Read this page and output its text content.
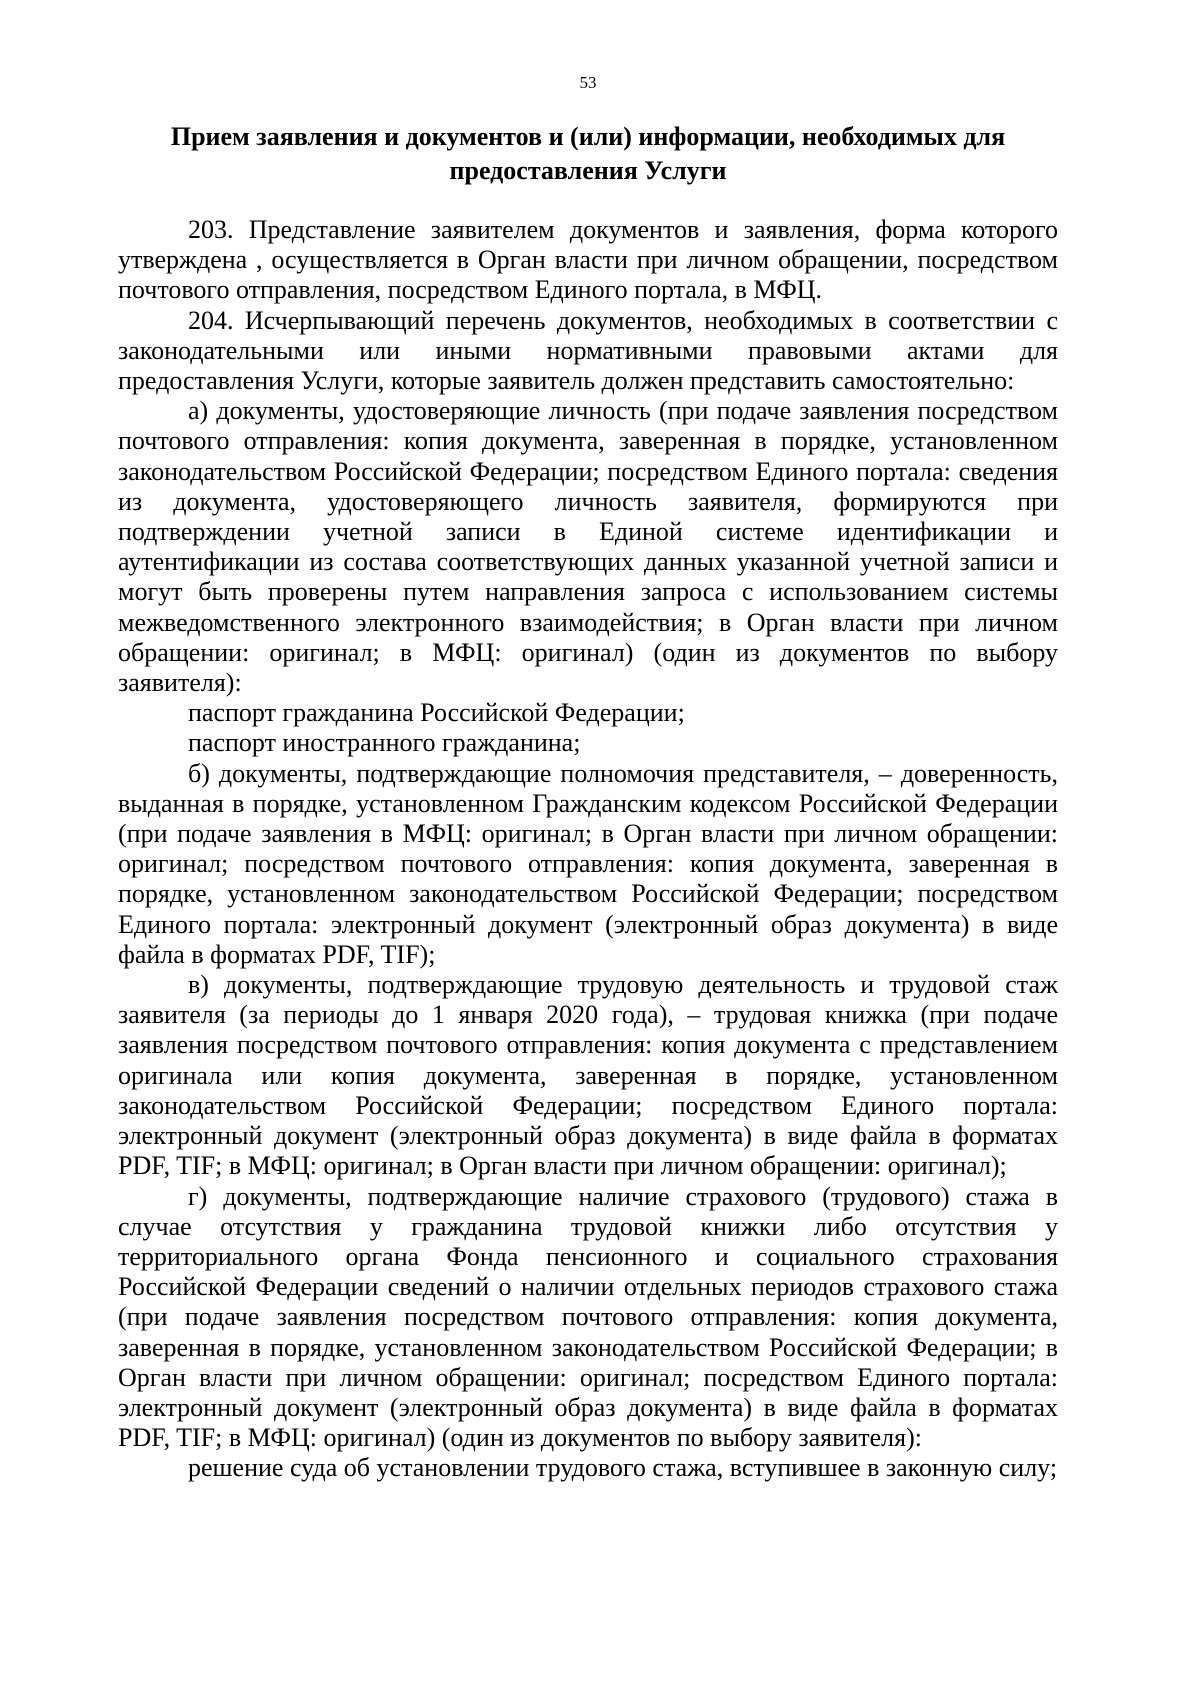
53
Прием заявления и документов и (или) информации, необходимых для
предоставления Услуги

203. Представление заявителем документов и заявления, форма которого утверждена , осуществляется в Орган власти при личном обращении, посредством почтового отправления, посредством Единого портала, в МФЦ.

204. Исчерпывающий перечень документов, необходимых в соответствии с законодательными или иными нормативными правовыми актами для предоставления Услуги, которые заявитель должен представить самостоятельно:

а) документы, удостоверяющие личность (при подаче заявления посредством почтового отправления: копия документа, заверенная в порядке, установленном законодательством Российской Федерации; посредством Единого портала: сведения из документа, удостоверяющего личность заявителя, формируются при подтверждении учетной записи в Единой системе идентификации и аутентификации из состава соответствующих данных указанной учетной записи и могут быть проверены путем направления запроса с использованием системы межведомственного электронного взаимодействия; в Орган власти при личном обращении: оригинал; в МФЦ: оригинал) (один из документов по выбору заявителя):

паспорт гражданина Российской Федерации;

паспорт иностранного гражданина;

б) документы, подтверждающие полномочия представителя, – доверенность, выданная в порядке, установленном Гражданским кодексом Российской Федерации (при подаче заявления в МФЦ: оригинал; в Орган власти при личном обращении: оригинал; посредством почтового отправления: копия документа, заверенная в порядке, установленном законодательством Российской Федерации; посредством Единого портала: электронный документ (электронный образ документа) в виде файла в форматах PDF, TIF);

в) документы, подтверждающие трудовую деятельность и трудовой стаж заявителя (за периоды до 1 января 2020 года), – трудовая книжка (при подаче заявления посредством почтового отправления: копия документа с представлением оригинала или копия документа, заверенная в порядке, установленном законодательством Российской Федерации; посредством Единого портала: электронный документ (электронный образ документа) в виде файла в форматах PDF, TIF; в МФЦ: оригинал; в Орган власти при личном обращении: оригинал);

г) документы, подтверждающие наличие страхового (трудового) стажа в случае отсутствия у гражданина трудовой книжки либо отсутствия у территориального органа Фонда пенсионного и социального страхования Российской Федерации сведений о наличии отдельных периодов страхового стажа (при подаче заявления посредством почтового отправления: копия документа, заверенная в порядке, установленном законодательством Российской Федерации; в Орган власти при личном обращении: оригинал; посредством Единого портала: электронный документ (электронный образ документа) в виде файла в форматах PDF, TIF; в МФЦ: оригинал) (один из документов по выбору заявителя):

решение суда об установлении трудового стажа, вступившее в законную силу;
